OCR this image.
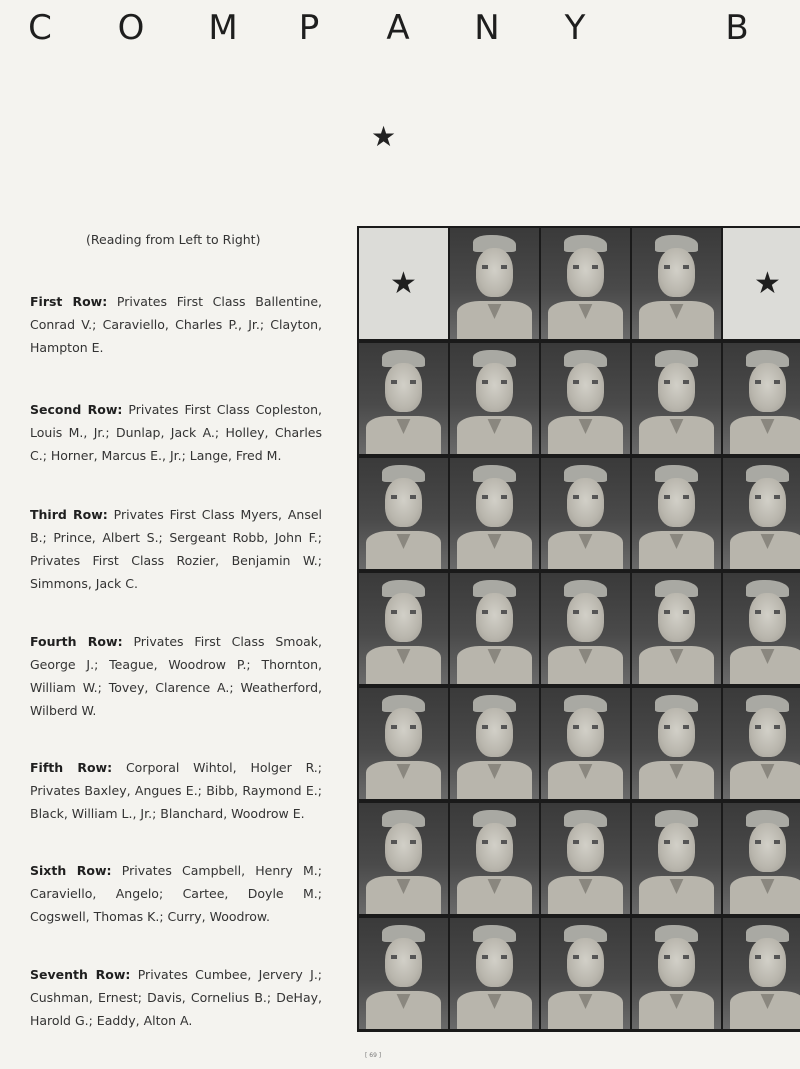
C O M P A N Y	B
★
(Reading from Left to Right)
First Row: Privates First Class Ballentine, Conrad V.; Caraviello, Charles P., Jr.; Clayton, Hampton E.
Second Row: Privates First Class Copleston, Louis M., Jr.; Dunlap, Jack A.; Holley, Charles C.; Horner, Marcus E., Jr.; Lange, Fred M.
Third Row: Privates First Class Myers, Ansel B.; Prince, Albert S.; Sergeant Robb, John F.; Privates First Class Rozier, Benjamin W.; Simmons, Jack C.
Fourth Row: Privates First Class Smoak, George J.; Teague, Woodrow P.; Thornton, William W.; Tovey, Clarence A.; Weatherford, Wilberd W.
Fifth Row: Corporal Wihtol, Holger R.; Privates Baxley, Angues E.; Bibb, Raymond E.; Black, William L., Jr.; Blanchard, Woodrow E.
Sixth Row: Privates Campbell, Henry M.; Caraviello, Angelo; Cartee, Doyle M.; Cogswell, Thomas K.; Curry, Woodrow.
Seventh Row: Privates Cumbee, Jervery J.; Cushman, Ernest; Davis, Cornelius B.; DeHay, Harold G.; Eaddy, Alton A.
★	★
[ 69 ]
